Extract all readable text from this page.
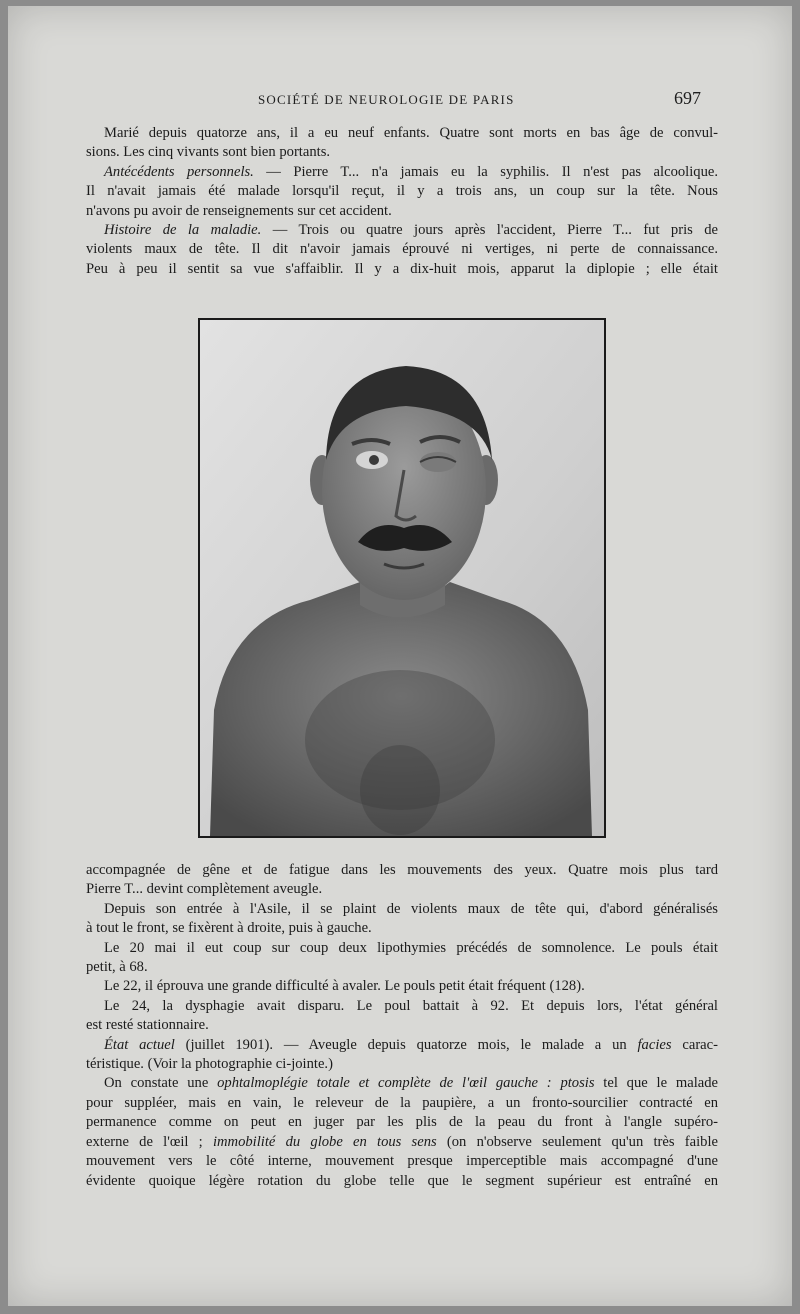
SOCIÉTÉ DE NEUROLOGIE DE PARIS	697

Marié depuis quatorze ans, il a eu neuf enfants. Quatre sont morts en bas âge de convul-

sions. Les cinq vivants sont bien portants.

Antécédents personnels. — Pierre T... n'a jamais eu la syphilis. Il n'est pas alcoolique.

Il n'avait jamais été malade lorsqu'il reçut, il y a trois ans, un coup sur la tête. Nous

n'avons pu avoir de renseignements sur cet accident.

Histoire de la maladie. — Trois ou quatre jours après l'accident, Pierre T... fut pris de

violents maux de tête. Il dit n'avoir jamais éprouvé ni vertiges, ni perte de connaissance.

Peu à peu il sentit sa vue s'affaiblir. Il y a dix-huit mois, apparut la diplopie ; elle était

accompagnée de gêne et de fatigue dans les mouvements des yeux. Quatre mois plus tard

Pierre T... devint complètement aveugle.

Depuis son entrée à l'Asile, il se plaint de violents maux de tête qui, d'abord généralisés

à tout le front, se fixèrent à droite, puis à gauche.

Le 20 mai il eut coup sur coup deux lipothymies précédés de somnolence. Le pouls était

petit, à 68.

Le 22, il éprouva une grande difficulté à avaler. Le pouls petit était fréquent (128).

Le 24, la dysphagie avait disparu. Le poul battait à 92. Et depuis lors, l'état général

est resté stationnaire.

État actuel (juillet 1901). — Aveugle depuis quatorze mois, le malade a un facies carac-

téristique. (Voir la photographie ci-jointe.)

On constate une ophtalmoplégie totale et complète de l'œil gauche : ptosis tel que le malade

pour suppléer, mais en vain, le releveur de la paupière, a un fronto-sourcilier contracté en

permanence comme on peut en juger par les plis de la peau du front à l'angle supéro-

externe de l'œil ; immobilité du globe en tous sens (on n'observe seulement qu'un très faible

mouvement vers le côté interne, mouvement presque imperceptible mais accompagné d'une

évidente quoique légère rotation du globe telle que le segment supérieur est entraîné en
